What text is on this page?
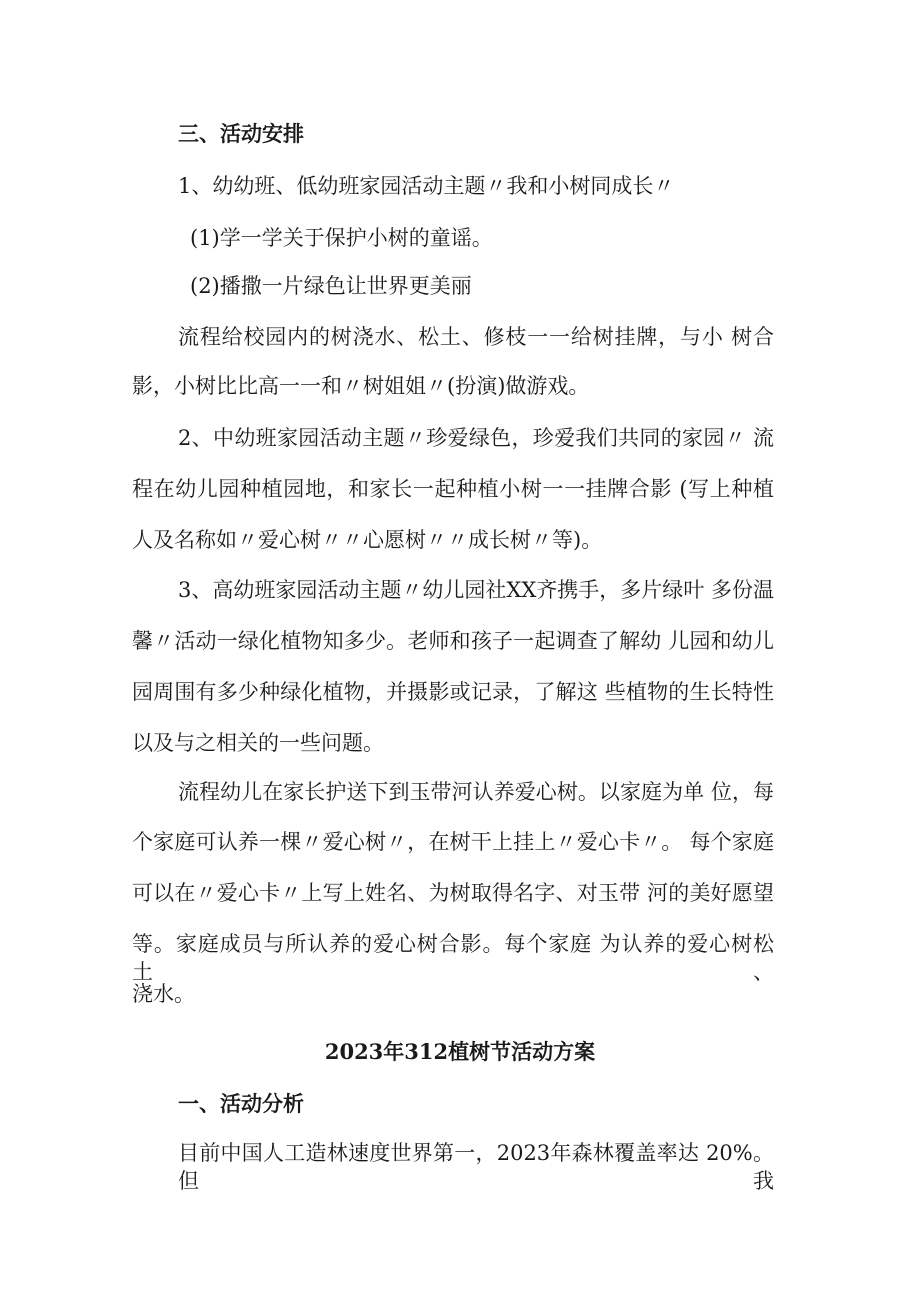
三、活动安排
1、幼幼班、低幼班家园活动主题〃我和小树同成长〃
(1)学一学关于保护小树的童谣。
(2)播撒一片绿色让世界更美丽
流程给校园内的树浇水、松土、修枝一一给树挂牌，与小 树合
影，小树比比高一一和〃树姐姐〃(扮演)做游戏。
2、中幼班家园活动主题〃珍爱绿色，珍爱我们共同的家园〃 流
程在幼儿园种植园地，和家长一起种植小树一一挂牌合影 (写上种植
人及名称如〃爱心树〃〃心愿树〃〃成长树〃等)。
3、高幼班家园活动主题〃幼儿园社XX齐携手，多片绿叶 多份温
馨〃活动一绿化植物知多少。老师和孩子一起调查了解幼 儿园和幼儿
园周围有多少种绿化植物，并摄影或记录，了解这 些植物的生长特性
以及与之相关的一些问题。
流程幼儿在家长护送下到玉带河认养爱心树。以家庭为单 位，每
个家庭可认养一棵〃爱心树〃，在树干上挂上〃爱心卡〃。 每个家庭
可以在〃爱心卡〃上写上姓名、为树取得名字、对玉带 河的美好愿望
等。家庭成员与所认养的爱心树合影。每个家庭 为认养的爱心树松土、
浇水。
2023年312植树节活动方案
一、活动分析
目前中国人工造林速度世界第一，2023年森林覆盖率达 20%。但我
